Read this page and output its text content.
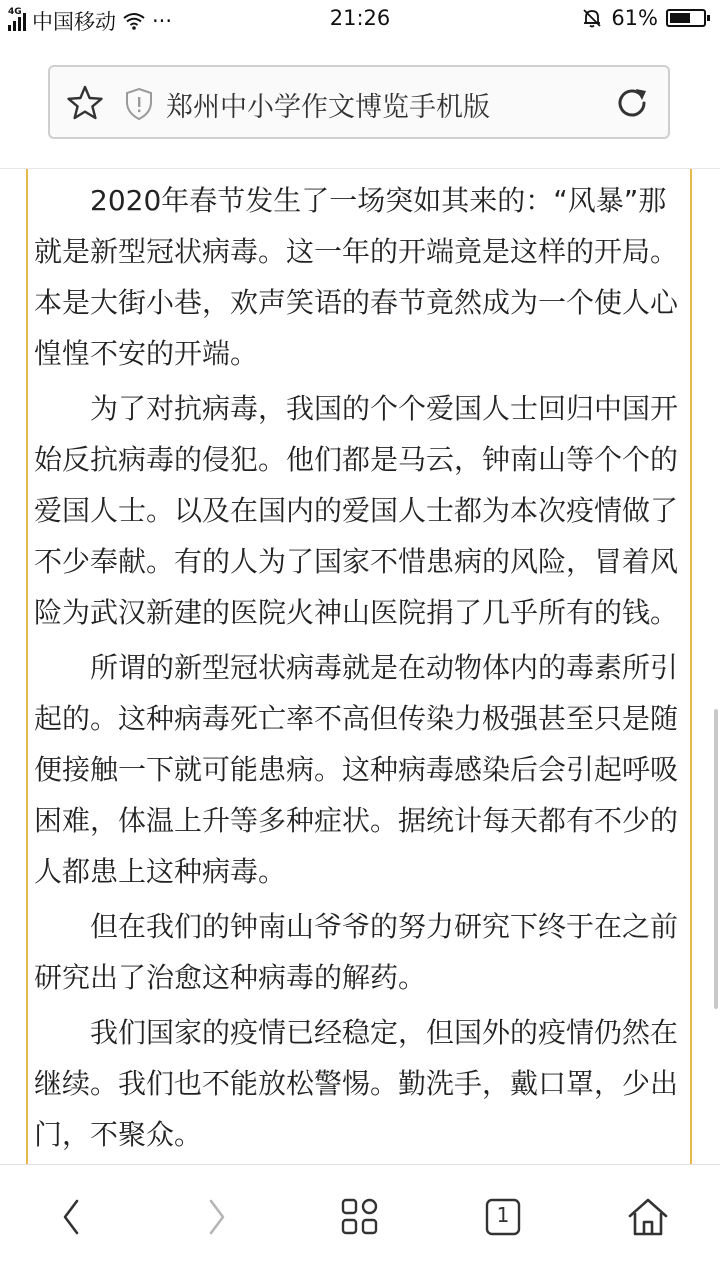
4G 中国移动 ···	21:26	61%
郑州中小学作文博览手机版

2020年春节发生了一场突如其来的：“风暴”那就是新型冠状病毒。这一年的开端竟是这样的开局。本是大街小巷，欢声笑语的春节竟然成为一个使人心惶惶不安的开端。

为了对抗病毒，我国的个个爱国人士回归中国开始反抗病毒的侵犯。他们都是马云，钟南山等个个的爱国人士。以及在国内的爱国人士都为本次疫情做了不少奉献。有的人为了国家不惜患病的风险，冒着风险为武汉新建的医院火神山医院捐了几乎所有的钱。

所谓的新型冠状病毒就是在动物体内的毒素所引起的。这种病毒死亡率不高但传染力极强甚至只是随便接触一下就可能患病。这种病毒感染后会引起呼吸困难，体温上升等多种症状。据统计每天都有不少的人都患上这种病毒。

但在我们的钟南山爷爷的努力研究下终于在之前研究出了治愈这种病毒的解药。

我们国家的疫情已经稳定，但国外的疫情仍然在继续。我们也不能放松警惕。勤洗手，戴口罩，少出门，不聚众。

1
